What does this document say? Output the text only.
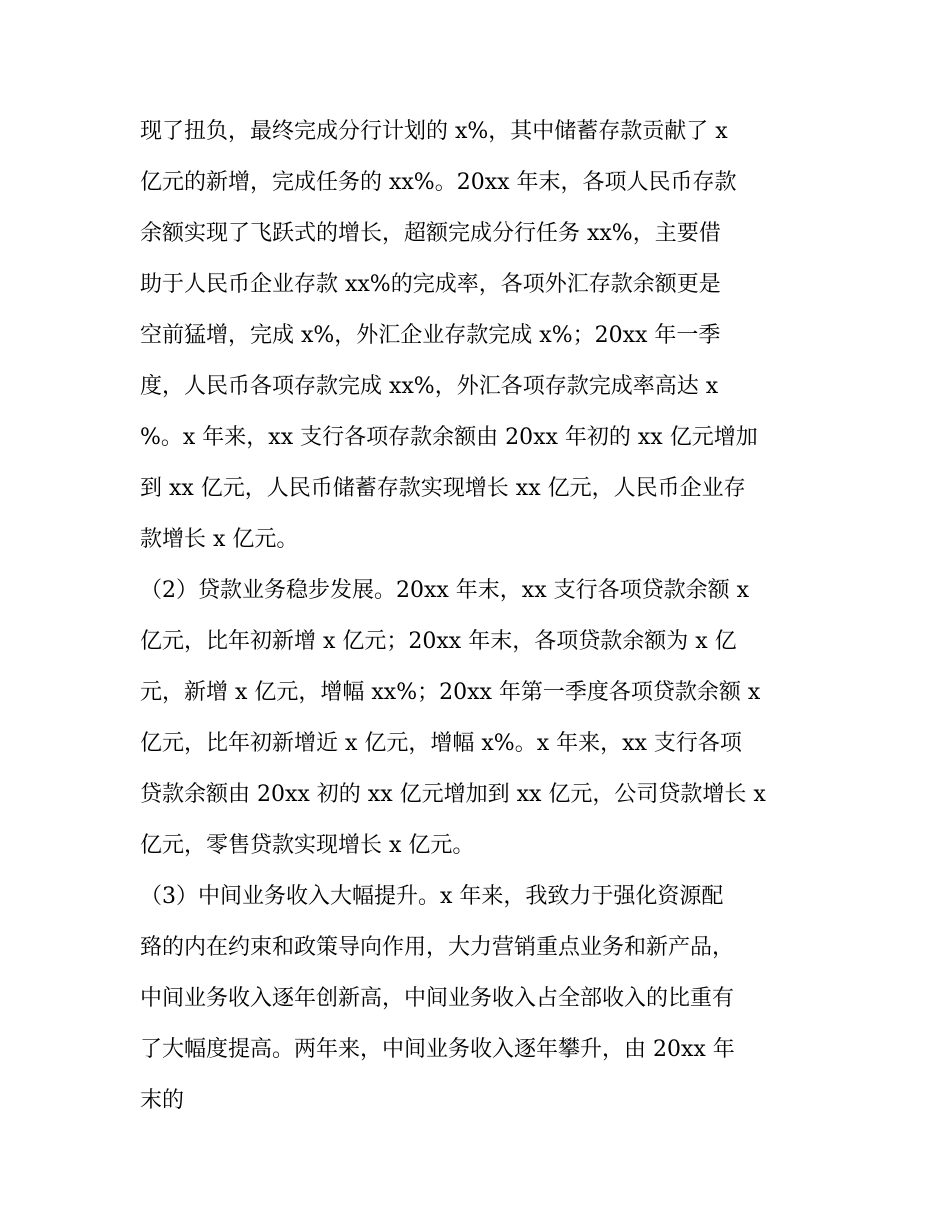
现了扭负，最终完成分行计划的 x%，其中储蓄存款贡献了 x
亿元的新增，完成任务的 xx%。20xx 年末，各项人民币存款
余额实现了飞跃式的增长，超额完成分行任务 xx%，主要借
助于人民币企业存款 xx%的完成率，各项外汇存款余额更是
空前猛增，完成 x%，外汇企业存款完成 x%；20xx 年一季
度，人民币各项存款完成 xx%，外汇各项存款完成率高达 x
%。x 年来，xx 支行各项存款余额由 20xx 年初的 xx 亿元增加
到 xx 亿元，人民币储蓄存款实现增长 xx 亿元，人民币企业存
款增长 x 亿元。
（2）贷款业务稳步发展。20xx 年末，xx 支行各项贷款余额 x
亿元，比年初新增 x 亿元；20xx 年末，各项贷款余额为 x 亿
元，新增 x 亿元，增幅 xx%；20xx 年第一季度各项贷款余额 x
亿元，比年初新增近 x 亿元，增幅 x%。x 年来，xx 支行各项
贷款余额由 20xx 初的 xx 亿元增加到 xx 亿元，公司贷款增长 x
亿元，零售贷款实现增长 x 亿元。
（3）中间业务收入大幅提升。x 年来，我致力于强化资源配
臵的内在约束和政策导向作用，大力营销重点业务和新产品，
中间业务收入逐年创新高，中间业务收入占全部收入的比重有
了大幅度提高。两年来，中间业务收入逐年攀升，由 20xx 年
末的
